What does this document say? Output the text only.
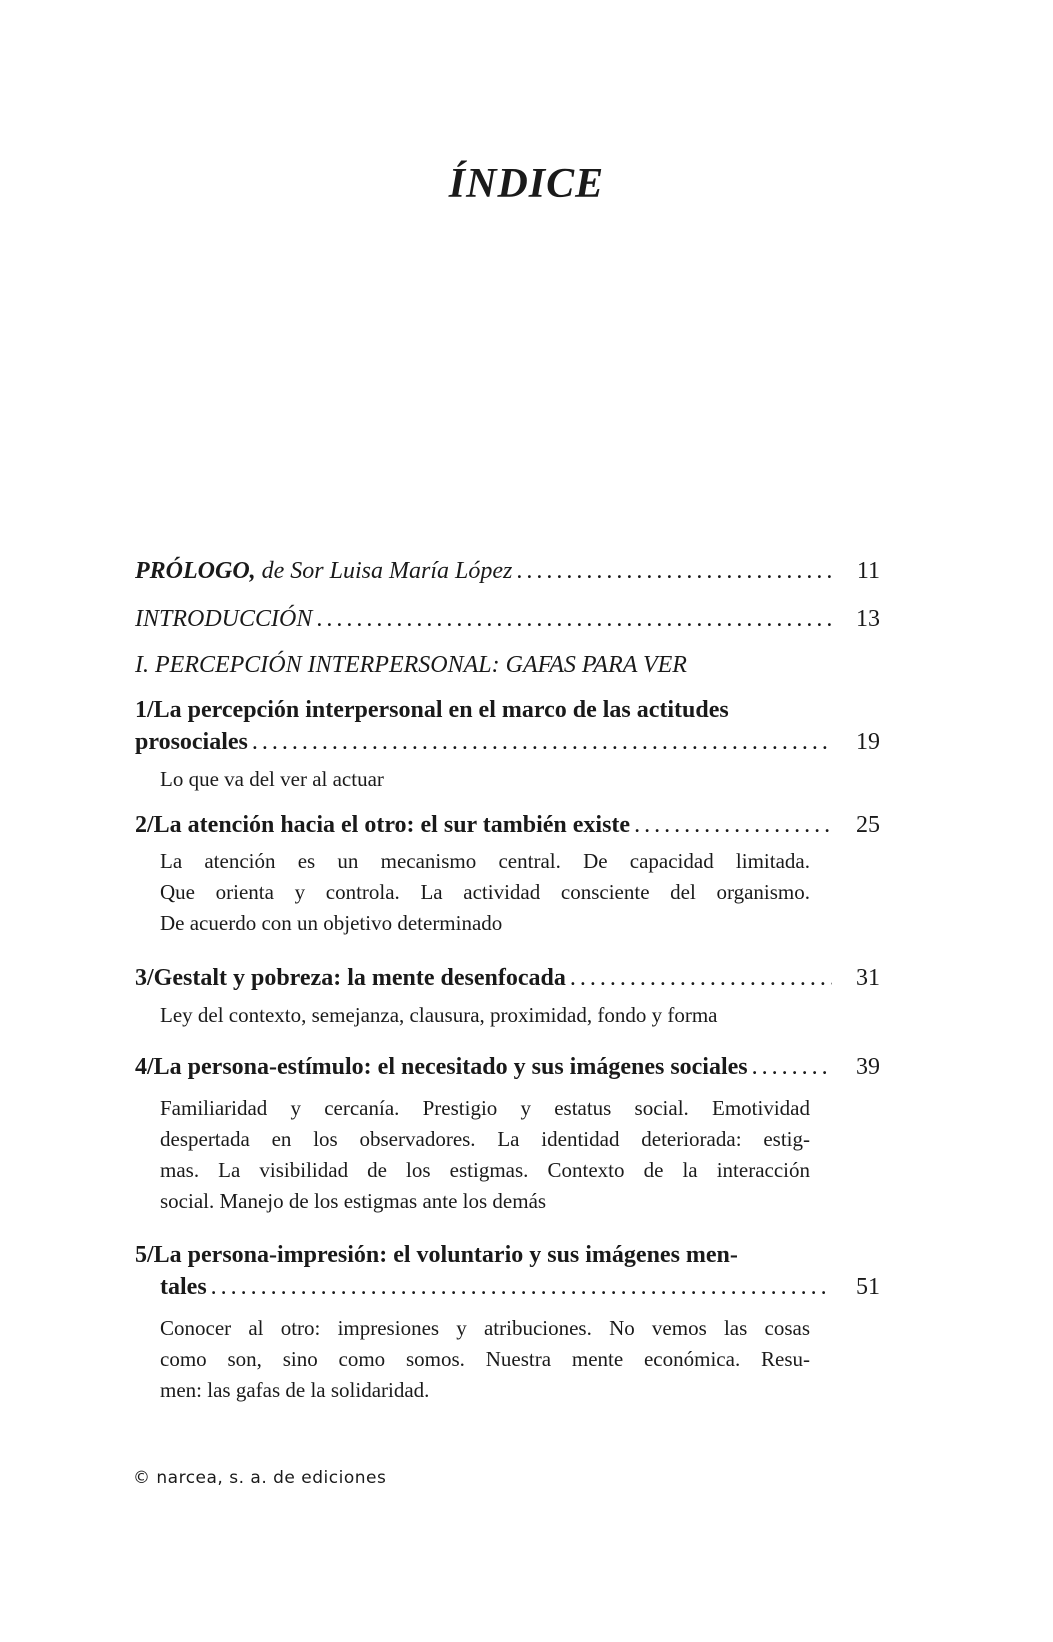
ÍNDICE
PRÓLOGO, de Sor Luisa María López . . .	11
INTRODUCCIÓN . . .	13
I. PERCEPCIÓN INTERPERSONAL: GAFAS PARA VER
1/La percepción interpersonal en el marco de las actitudes
prosociales . . .	19
Lo que va del ver al actuar
2/La atención hacia el otro: el sur también existe . . .	25
La atención es un mecanismo central. De capacidad limitada.
Que orienta y controla. La actividad consciente del organismo.
De acuerdo con un objetivo determinado
3/Gestalt y pobreza: la mente desenfocada . . .	31
Ley del contexto, semejanza, clausura, proximidad, fondo y forma
4/La persona-estímulo: el necesitado y sus imágenes sociales . . .	39
Familiaridad y cercanía. Prestigio y estatus social. Emotividad
despertada en los observadores. La identidad deteriorada: estig-
mas. La visibilidad de los estigmas. Contexto de la interacción
social. Manejo de los estigmas ante los demás
5/La persona-impresión: el voluntario y sus imágenes men-
tales . . .	51
Conocer al otro: impresiones y atribuciones. No vemos las cosas
como son, sino como somos. Nuestra mente económica. Resu-
men: las gafas de la solidaridad.
© narcea, s. a. de ediciones
